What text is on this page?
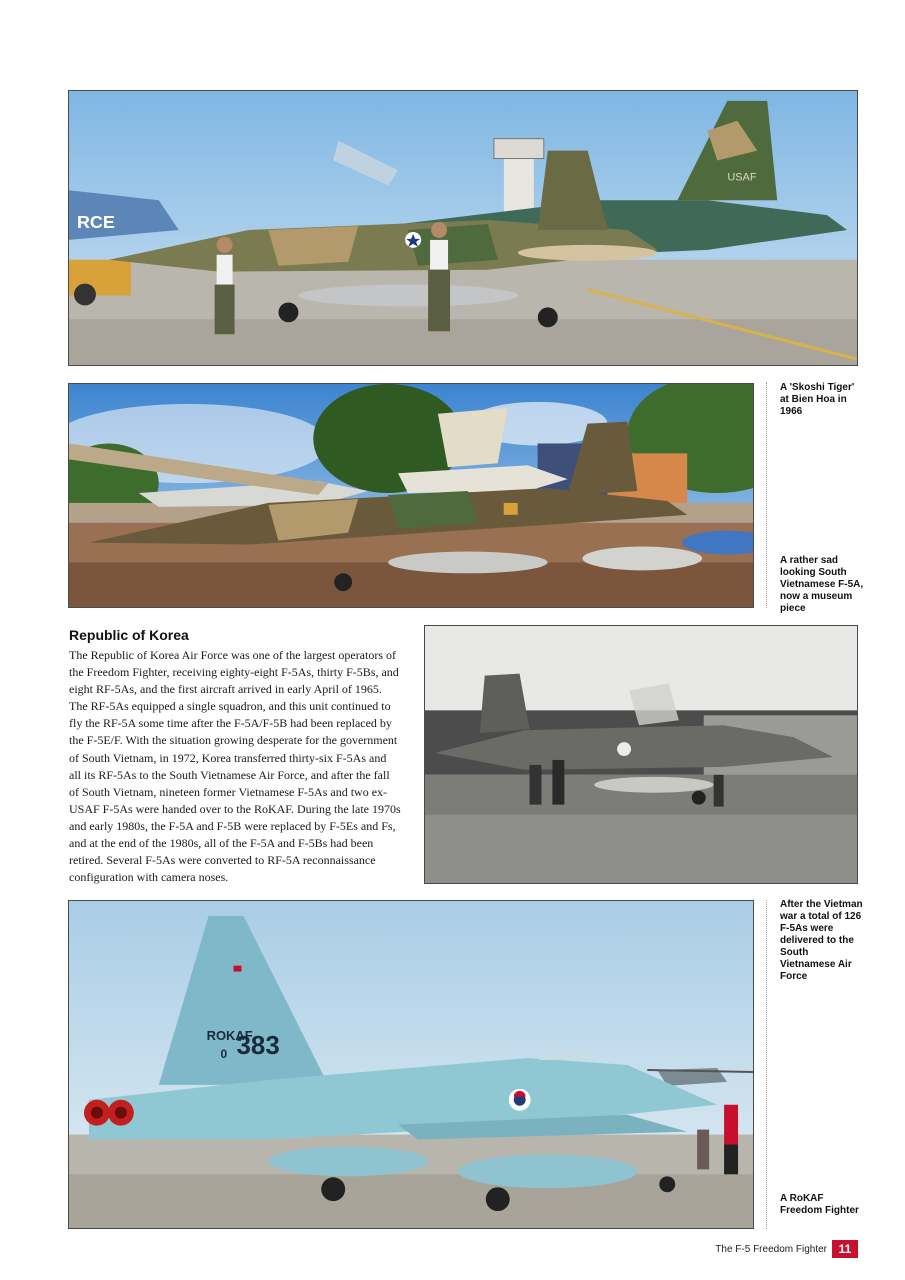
RCE
USAF
ROKAF
0 383

A 'Skoshi Tiger' at Bien Hoa in 1966

A rather sad looking South Vietnamese F-5A, now a museum piece

After the Vietman war a total of 126 F-5As were delivered to the South Vietnamese Air Force

A RoKAF Freedom Fighter

Republic of Korea

The Republic of Korea Air Force was one of the largest operators of the Freedom Fighter, receiving eighty-eight F-5As, thirty F-5Bs, and eight RF-5As, and the first aircraft arrived in early April of 1965. The RF-5As equipped a single squadron, and this unit continued to fly the RF-5A some time after the F-5A/F-5B had been replaced by the F-5E/F. With the situation growing desperate for the government of South Vietnam, in 1972, Korea transferred thirty-six F-5As and all its RF-5As to the South Vietnamese Air Force, and after the fall of South Vietnam, nineteen former Vietnamese F-5As and two ex-USAF F-5As were handed over to the RoKAF. During the late 1970s and early 1980s, the F-5A and F-5B were replaced by F-5Es and Fs, and at the end of the 1980s, all of the F-5A and F-5Bs had been retired. Several F-5As were converted to RF-5A reconnaissance configuration with camera noses.

The F-5 Freedom Fighter 11
